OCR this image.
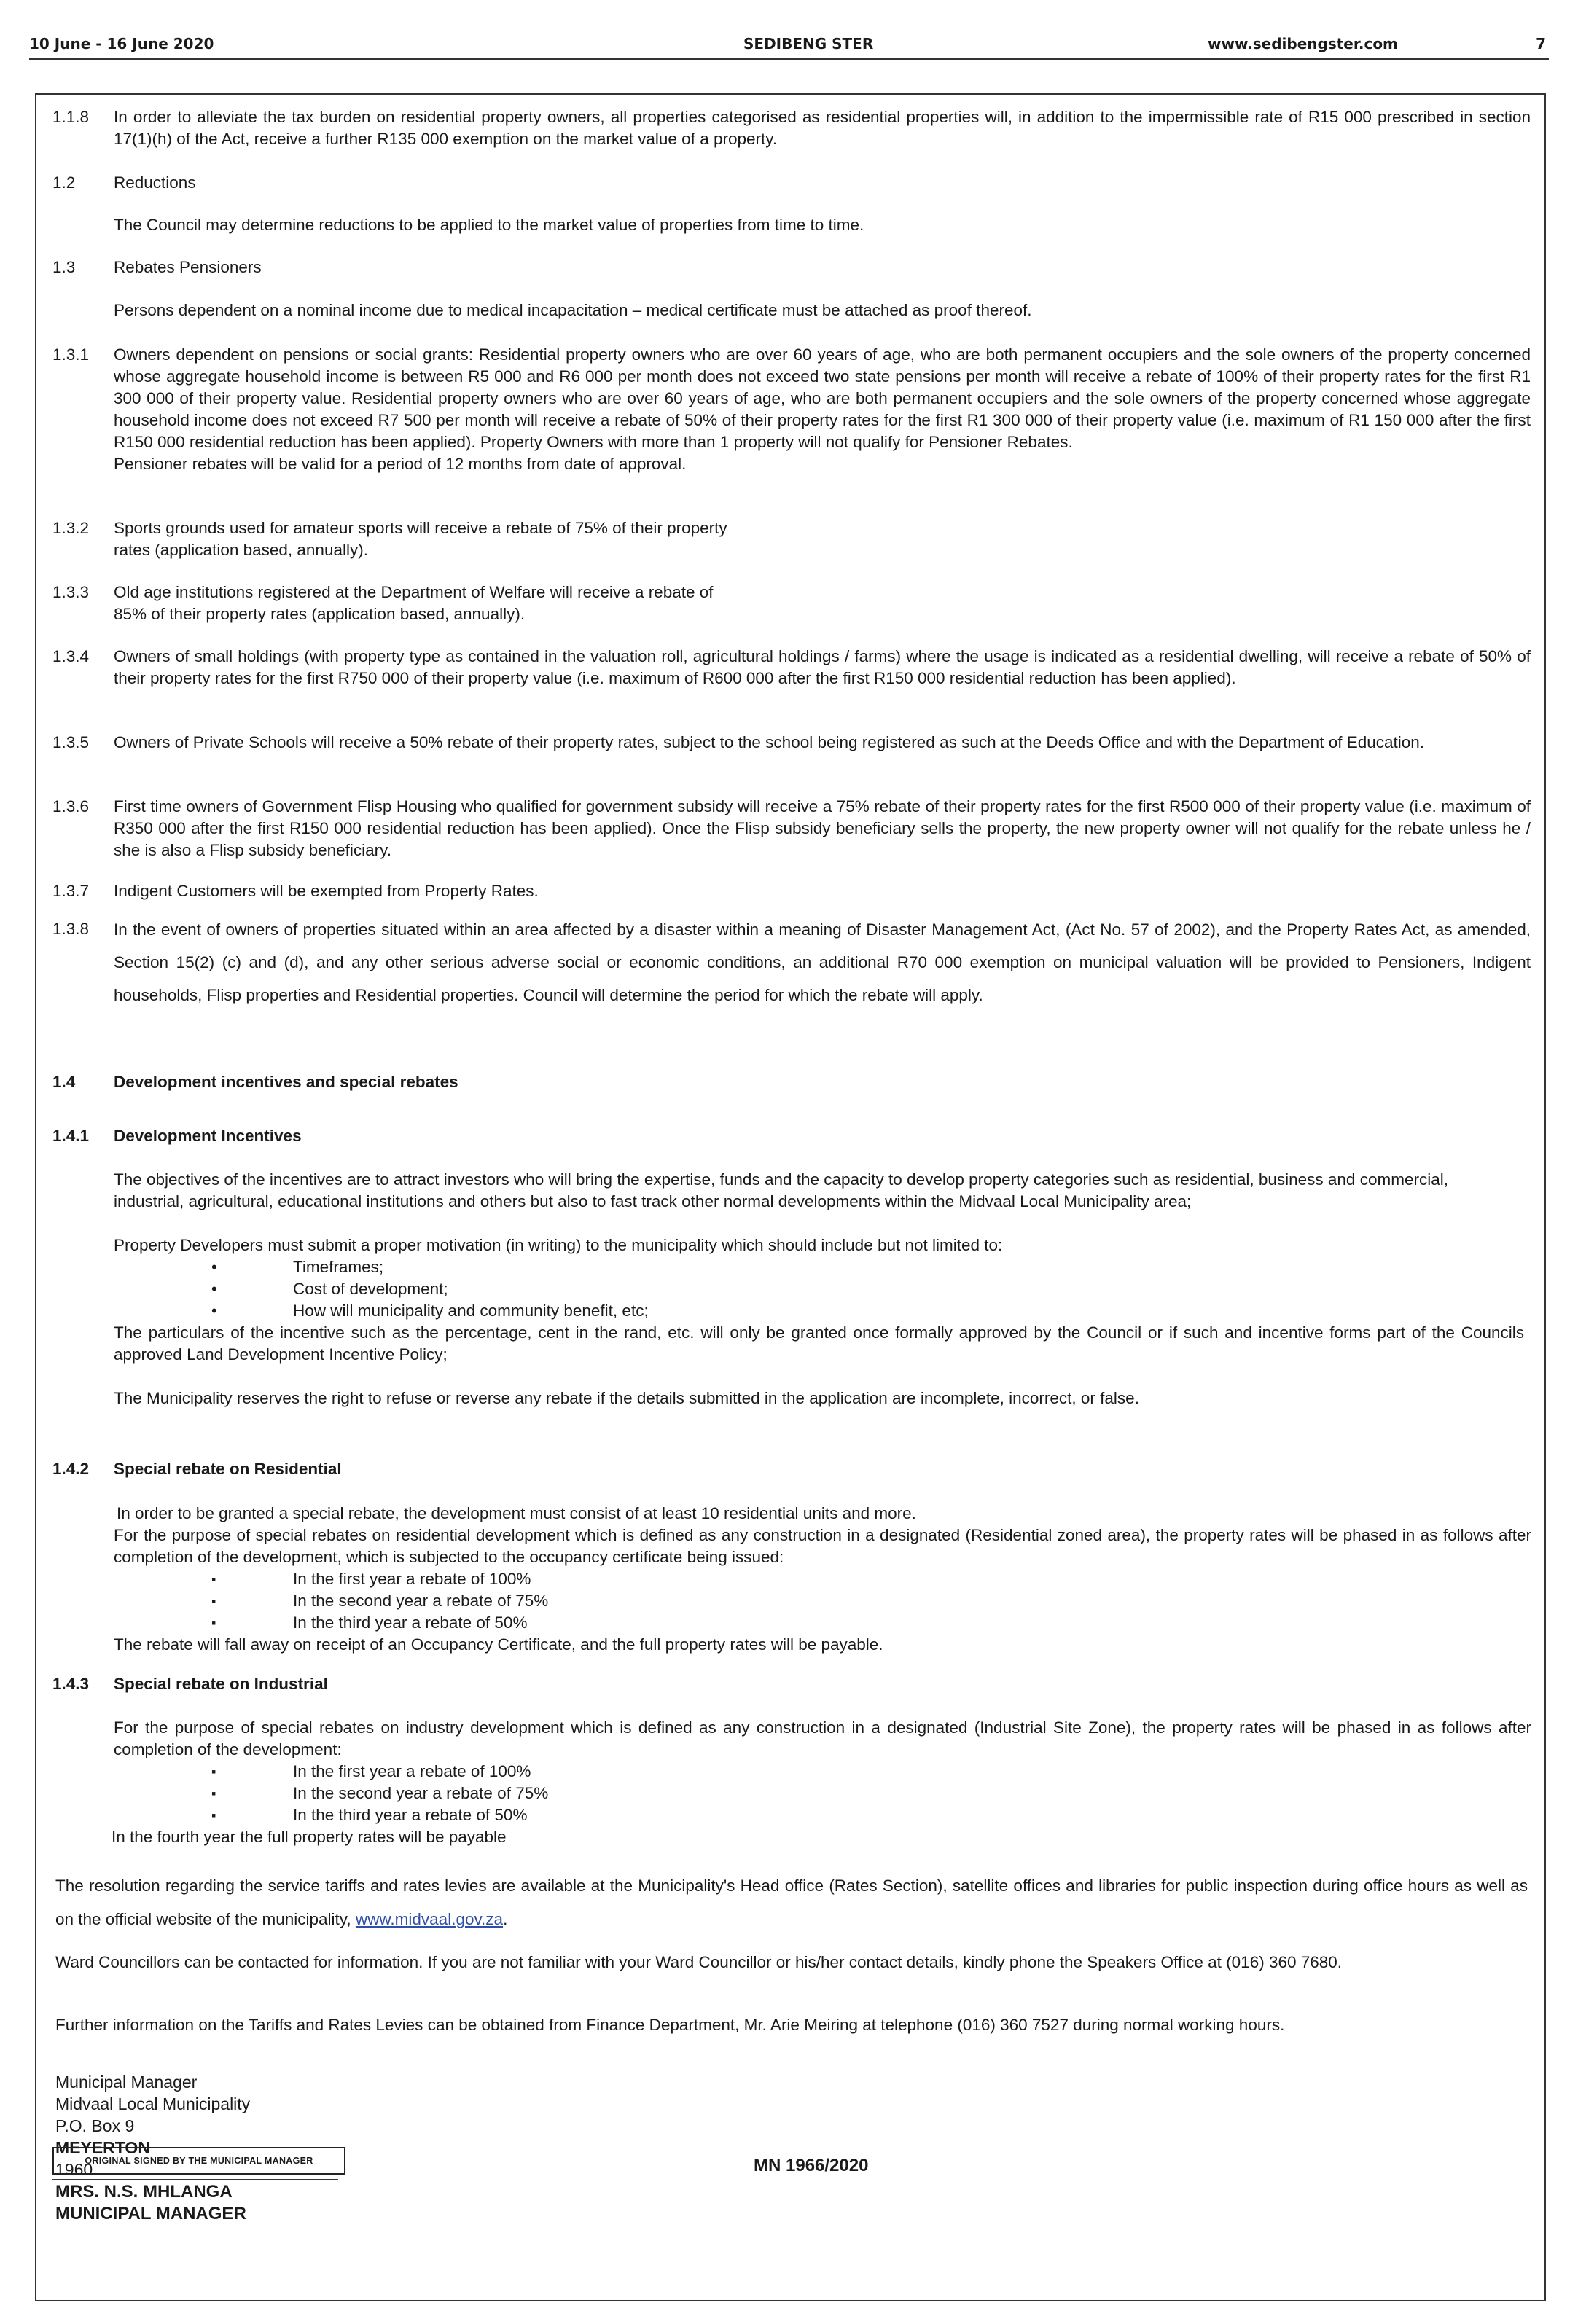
10 June - 16 June 2020	SEDIBENG STER	www.sedibengster.com	7
1.1.8	In order to alleviate the tax burden on residential property owners, all properties categorised as residential properties will, in addition to the impermissible rate of R15 000 prescribed in section 17(1)(h) of the Act, receive a further R135 000 exemption on the market value of a property.
1.2	Reductions
The Council may determine reductions to be applied to the market value of properties from time to time.
1.3	Rebates Pensioners
Persons dependent on a nominal income due to medical incapacitation – medical certificate must be attached as proof thereof.
1.3.1	Owners dependent on pensions or social grants: Residential property owners who are over 60 years of age, who are both permanent occupiers and the sole owners of the property concerned whose aggregate household income is between R5 000 and R6 000 per month does not exceed two state pensions per month will receive a rebate of 100% of their property rates for the first R1 300 000 of their property value. Residential property owners who are over 60 years of age, who are both permanent occupiers and the sole owners of the property concerned whose aggregate household income does not exceed R7 500 per month will receive a rebate of 50% of their property rates for the first R1 300 000 of their property value (i.e. maximum of R1 150 000 after the first R150 000 residential reduction has been applied). Property Owners with more than 1 property will not qualify for Pensioner Rebates.

Pensioner rebates will be valid for a period of 12 months from date of approval.

1.3.2	Sports grounds used for amateur sports will receive a rebate of 75% of their property

rates (application based, annually).

1.3.3	Old age institutions registered at the Department of Welfare will receive a rebate of

85% of their property rates (application based, annually).

1.3.4	Owners of small holdings (with property type as contained in the valuation roll, agricultural holdings / farms) where the usage is indicated as a residential dwelling, will receive a rebate of 50% of their property rates for the first R750 000 of their property value (i.e. maximum of R600 000 after the first R150 000 residential reduction has been applied).
1.3.5	Owners of Private Schools will receive a 50% rebate of their property rates, subject to the school being registered as such at the Deeds Office and with the Department of Education.
1.3.6	First time owners of Government Flisp Housing who qualified for government subsidy will receive a 75% rebate of their property rates for the first R500 000 of their property value (i.e. maximum of R350 000 after the first R150 000 residential reduction has been applied). Once the Flisp subsidy beneficiary sells the property, the new property owner will not qualify for the rebate unless he / she is also a Flisp subsidy beneficiary.
1.3.7	Indigent Customers will be exempted from Property Rates.
1.3.8	In the event of owners of properties situated within an area affected by a disaster within a meaning of Disaster Management Act, (Act No. 57 of 2002), and the Property Rates Act, as amended, Section 15(2) (c) and (d), and any other serious adverse social or economic conditions, an additional R70 000 exemption on municipal valuation will be provided to Pensioners, Indigent households, Flisp properties and Residential properties. Council will determine the period for which the rebate will apply.
1.4	Development incentives and special rebates
1.4.1	Development Incentives

The objectives of the incentives are to attract investors who will bring the expertise, funds and the capacity to develop property categories such as residential, business and commercial,

industrial, agricultural, educational institutions and others but also to fast track other normal developments within the Midvaal Local Municipality area;

Property Developers must submit a proper motivation (in writing) to the municipality which should include but not limited to:

• Timeframes;
• Cost of development;
• How will municipality and community benefit, etc;

The particulars of the incentive such as the percentage, cent in the rand, etc. will only be granted once formally approved by the Council or if such and incentive forms part of the Councils approved Land Development Incentive Policy;

The Municipality reserves the right to refuse or reverse any rebate if the details submitted in the application are incomplete, incorrect, or false.

1.4.2	Special rebate on Residential

In order to be granted a special rebate, the development must consist of at least 10 residential units and more.

For the purpose of special rebates on residential development which is defined as any construction in a designated (Residential zoned area), the property rates will be phased in as follows after completion of the development, which is subjected to the occupancy certificate being issued:

▪ In the first year a rebate of 100%
▪ In the second year a rebate of 75%
▪ In the third year a rebate of 50%

The rebate will fall away on receipt of an Occupancy Certificate, and the full property rates will be payable.

1.4.3	Special rebate on Industrial

For the purpose of special rebates on industry development which is defined as any construction in a designated (Industrial Site Zone), the property rates will be phased in as follows after completion of the development:

▪ In the first year a rebate of 100%
▪ In the second year a rebate of 75%
▪ In the third year a rebate of 50%

In the fourth year the full property rates will be payable

The resolution regarding the service tariffs and rates levies are available at the Municipality's Head office (Rates Section), satellite offices and libraries for public inspection during office hours as well as on the official website of the municipality, www.midvaal.gov.za.

Ward Councillors can be contacted for information. If you are not familiar with your Ward Councillor or his/her contact details, kindly phone the Speakers Office at (016) 360 7680.

Further information on the Tariffs and Rates Levies can be obtained from Finance Department, Mr. Arie Meiring at telephone (016) 360 7527 during normal working hours.

Municipal Manager
Midvaal Local Municipality
P.O. Box 9
MEYERTON
1960
ORIGINAL SIGNED BY THE MUNICIPAL MANAGER
MRS. N.S. MHLANGA
MUNICIPAL MANAGER
MN 1966/2020
